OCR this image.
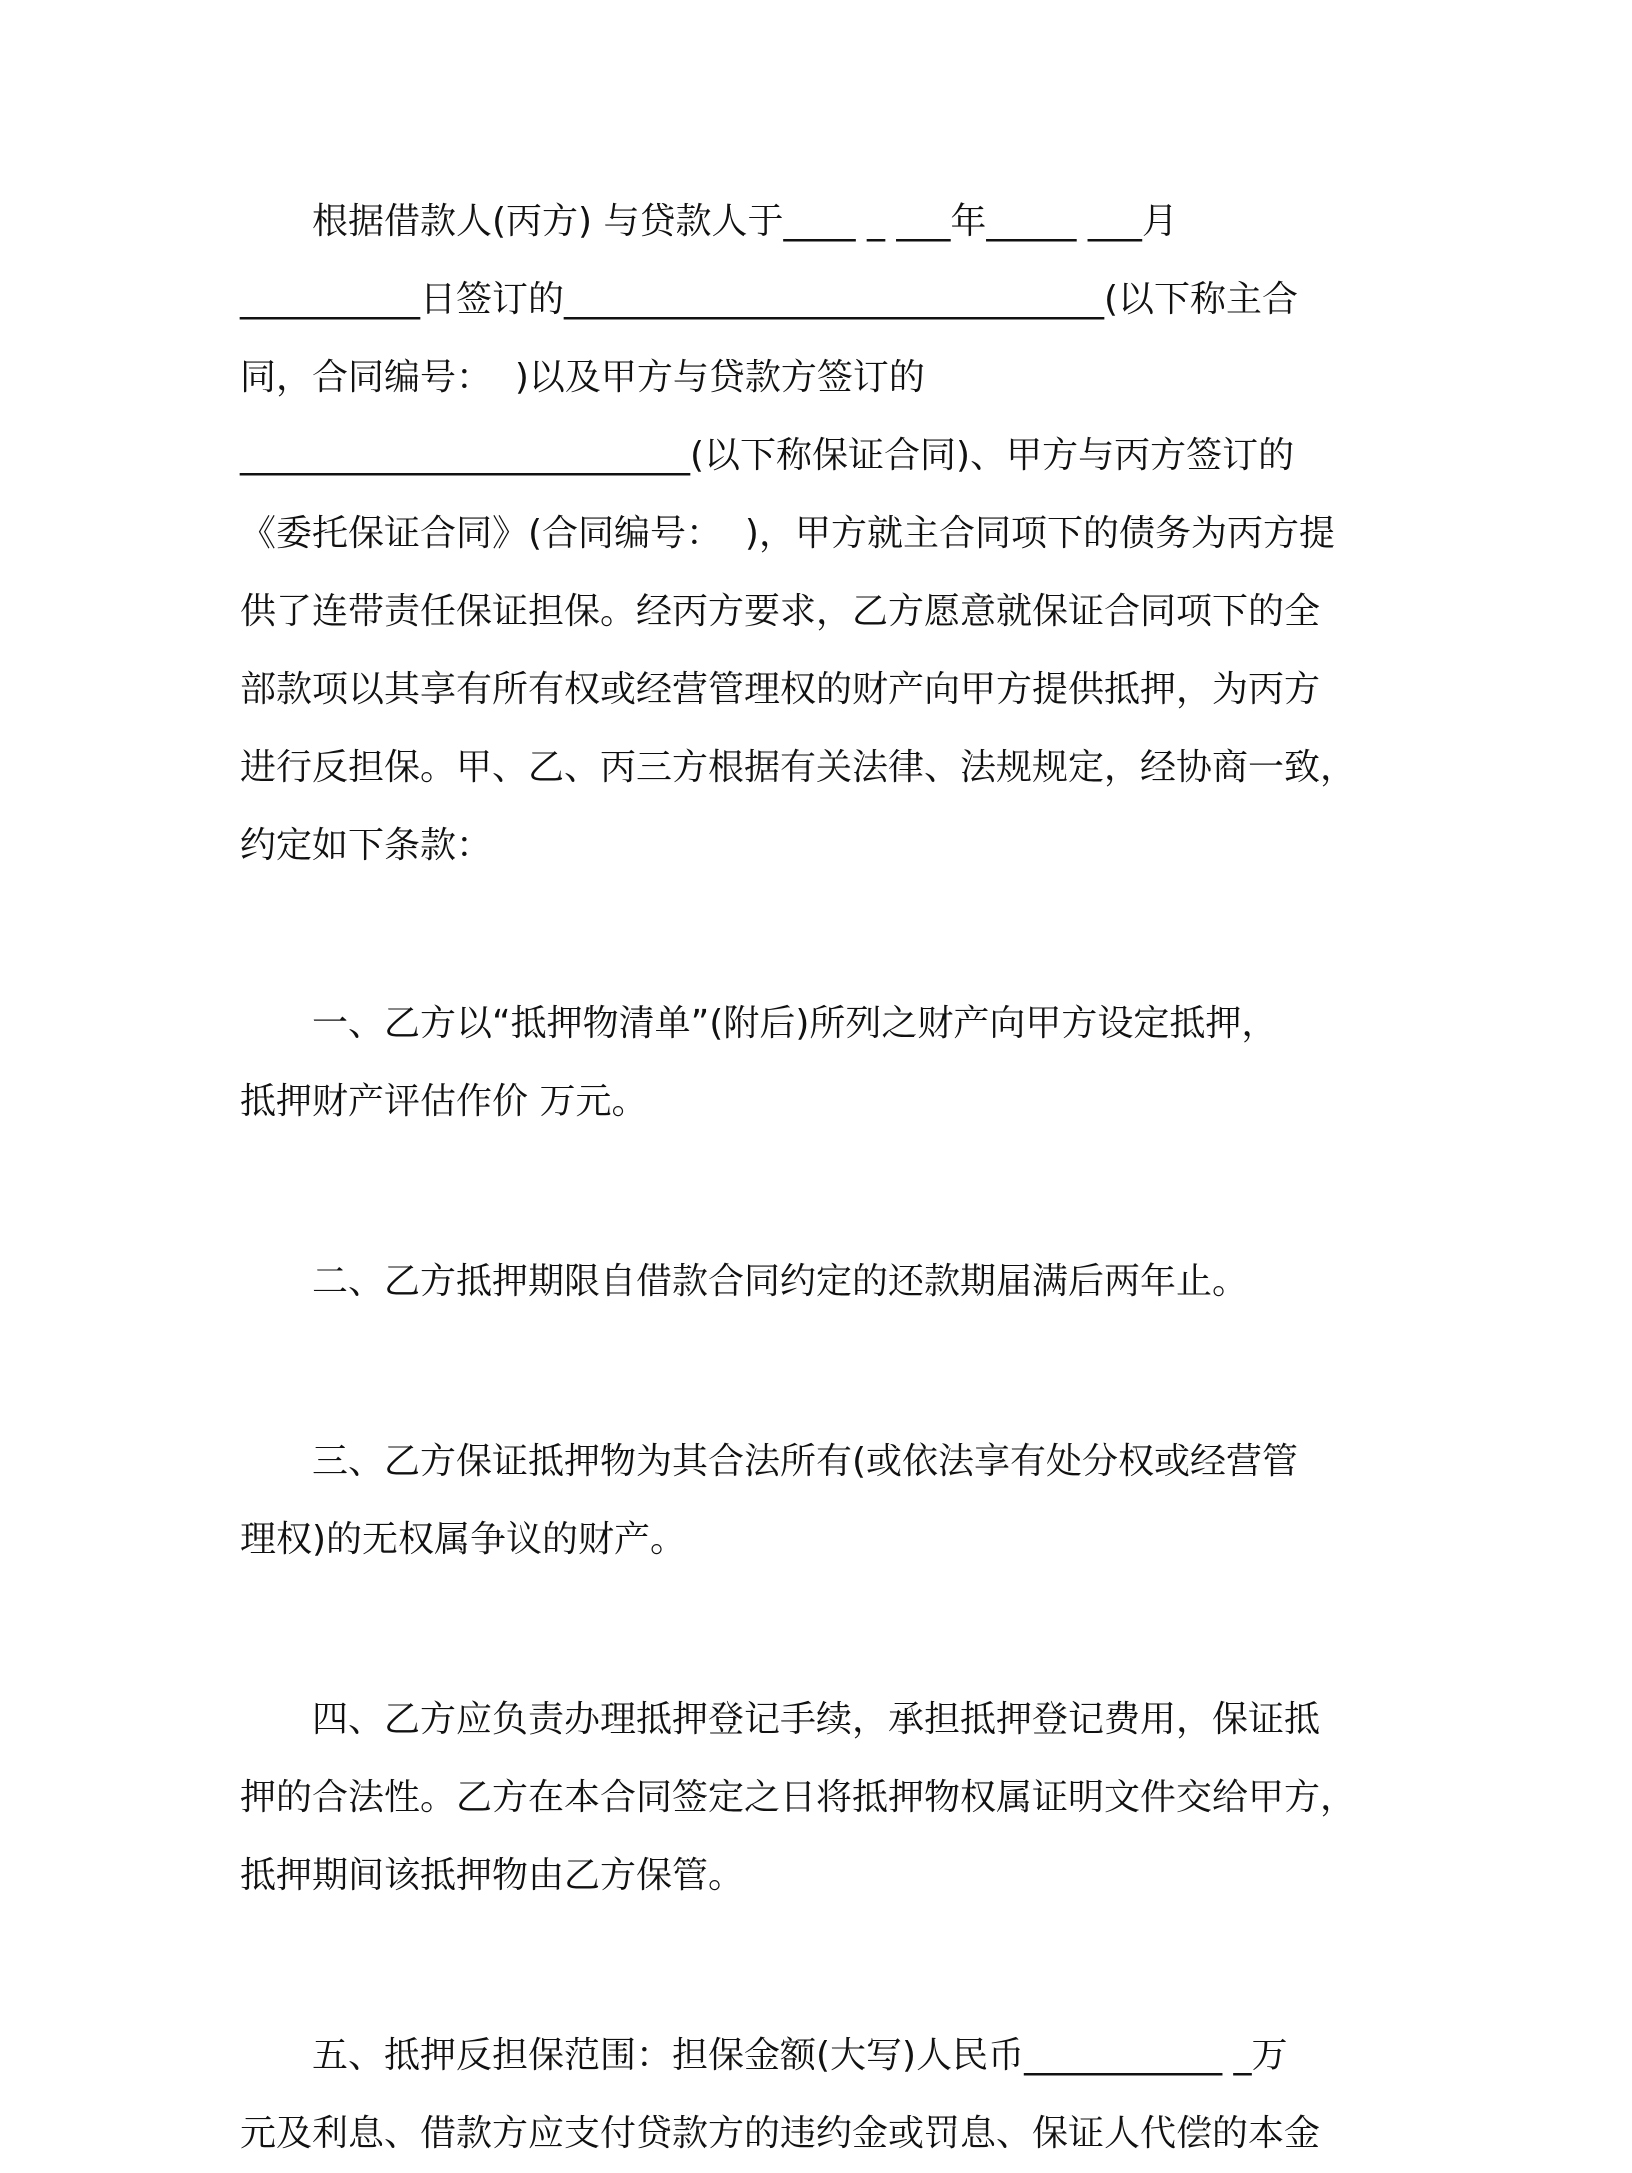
　　根据借款人(丙方) 与贷款人于____ _ ___年_____ ___月
__________日签订的______________________________(以下称主合
同，合同编号：  )以及甲方与贷款方签订的
_________________________(以下称保证合同)、甲方与丙方签订的
《委托保证合同》(合同编号：  )，甲方就主合同项下的债务为丙方提
供了连带责任保证担保。经丙方要求，乙方愿意就保证合同项下的全
部款项以其享有所有权或经营管理权的财产向甲方提供抵押，为丙方
进行反担保。甲、乙、丙三方根据有关法律、法规规定，经协商一致，
约定如下条款：
　　一、乙方以“抵押物清单”(附后)所列之财产向甲方设定抵押，
抵押财产评估作价 万元。
　　二、乙方抵押期限自借款合同约定的还款期届满后两年止。
　　三、乙方保证抵押物为其合法所有(或依法享有处分权或经营管
理权)的无权属争议的财产。
　　四、乙方应负责办理抵押登记手续，承担抵押登记费用，保证抵
押的合法性。乙方在本合同签定之日将抵押物权属证明文件交给甲方，
抵押期间该抵押物由乙方保管。
　　五、抵押反担保范围：担保金额(大写)人民币___________ _万
元及利息、借款方应支付贷款方的违约金或罚息、保证人代偿的本金
